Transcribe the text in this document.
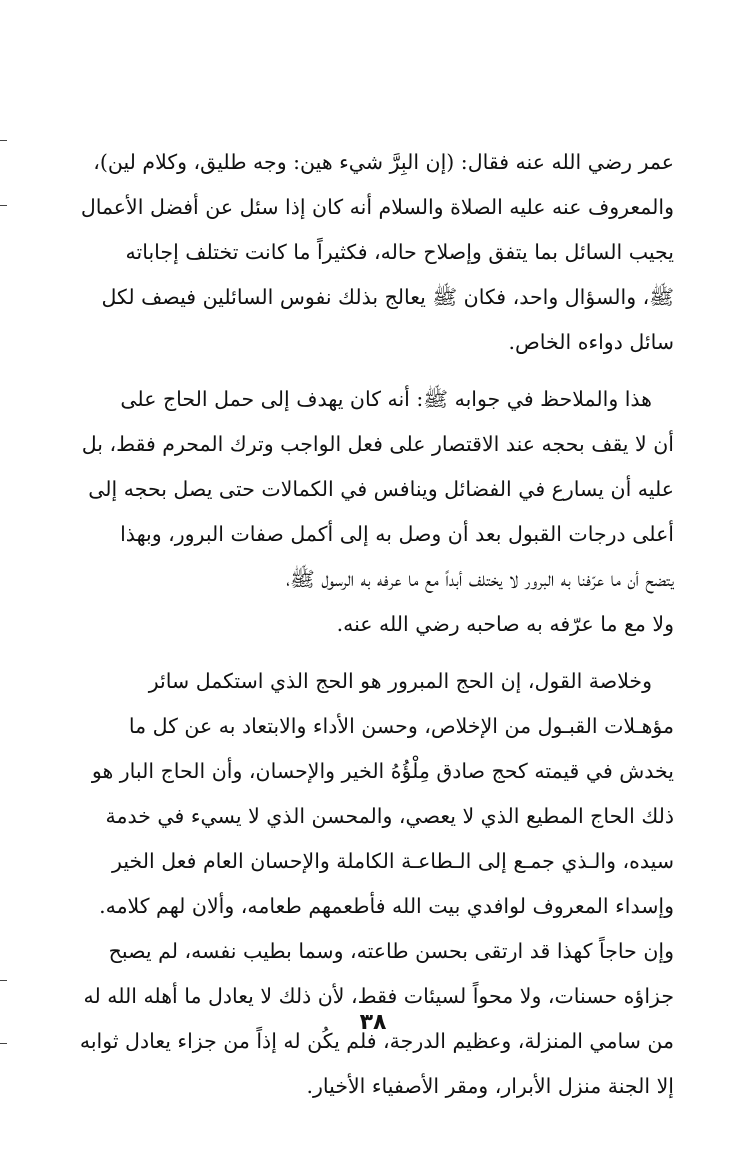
عمر رضي الله عنه فقال: (إن البِرَّ شيء هين: وجه طليق، وكلام لين)،
والمعروف عنه عليه الصلاة والسلام أنه كان إذا سئل عن أفضل الأعمال
يجيب السائل بما يتفق وإصلاح حاله، فكثيراً ما كانت تختلف إجاباته
ﷺ، والسؤال واحد، فكان ﷺ يعالج بذلك نفوس السائلين فيصف لكل
سائل دواءه الخاص.
هذا والملاحظ في جوابه ﷺ: أنه كان يهدف إلى حمل الحاج على
أن لا يقف بحجه عند الاقتصار على فعل الواجب وترك المحرم فقط، بل
عليه أن يسارع في الفضائل وينافس في الكمالات حتى يصل بحجه إلى
أعلى درجات القبول بعد أن وصل به إلى أكمل صفات البرور، وبهذا
يتضح أن ما عرّفنا به البرور لا يختلف أبداً مع ما عرفه به الرسول ﷺ،
ولا مع ما عرّفه به صاحبه رضي الله عنه.
وخلاصة القول، إن الحج المبرور هو الحج الذي استكمل سائر
مؤهـلات القبـول من الإخلاص، وحسن الأداء والابتعاد به عن كل ما
يخدش في قيمته كحج صادق مِلْؤُهُ الخير والإحسان، وأن الحاج البار هو
ذلك الحاج المطيع الذي لا يعصي، والمحسن الذي لا يسيء في خدمة
سيده، والـذي جمـع إلى الـطاعـة الكاملة والإحسان العام فعل الخير
وإسداء المعروف لوافدي بيت الله فأطعمهم طعامه، وألان لهم كلامه.
وإن حاجاً كهذا قد ارتقى بحسن طاعته، وسما بطيب نفسه، لم يصبح
جزاؤه حسنات، ولا محواً لسيئات فقط، لأن ذلك لا يعادل ما أهله الله له
من سامي المنزلة، وعظيم الدرجة، فلم يكُن له إذاً من جزاء يعادل ثوابه
إلا الجنة منزل الأبرار، ومقر الأصفياء الأخيار.
٣٨
